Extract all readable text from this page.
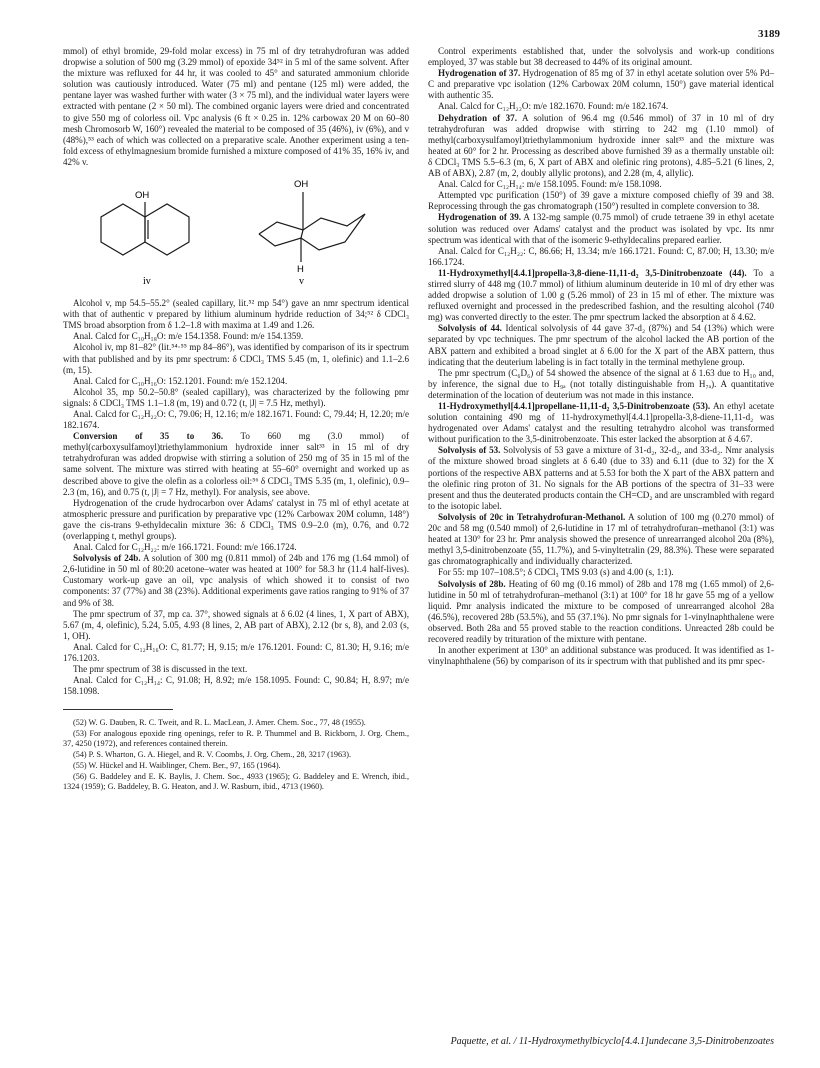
3189

mmol) of ethyl bromide, 29-fold molar excess) in 75 ml of dry tetrahydrofuran was added dropwise a solution of 500 mg (3.29 mmol) of epoxide 34⁵² in 5 ml of the same solvent. After the mixture was refluxed for 44 hr, it was cooled to 45° and saturated ammonium chloride solution was cautiously introduced. Water (75 ml) and pentane (125 ml) were added, the pentane layer was washed further with water (3 × 75 ml), and the individual water layers were extracted with pentane (2 × 50 ml). The combined organic layers were dried and concentrated to give 550 mg of colorless oil. Vpc analysis (6 ft × 0.25 in. 12% carbowax 20 M on 60–80 mesh Chromosorb W, 160°) revealed the material to be composed of 35 (46%), iv (6%), and v (48%),⁵³ each of which was collected on a preparative scale. Another experiment using a ten-fold excess of ethylmagnesium bromide furnished a mixture composed of 41% 35, 16% iv, and 42% v.

OH
iv
OH
H
v

Alcohol v, mp 54.5–55.2° (sealed capillary, lit.⁵² mp 54°) gave an nmr spectrum identical with that of authentic v prepared by lithium aluminum hydride reduction of 34;⁵² δ CDCl₃ TMS broad absorption from δ 1.2–1.8 with maxima at 1.49 and 1.26.

Anal. Calcd for C₁₀H₁₈O: m/e 154.1358. Found: m/e 154.1359.

Alcohol iv, mp 81–82° (lit.⁵⁴·⁵⁵ mp 84–86°), was identified by comparison of its ir spectrum with that published and by its pmr spectrum: δ CDCl₃ TMS 5.45 (m, 1, olefinic) and 1.1–2.6 (m, 15).

Anal. Calcd for C₁₀H₁₆O: 152.1201. Found: m/e 152.1204.

Alcohol 35, mp 50.2–50.8° (sealed capillary), was characterized by the following pmr signals: δ CDCl₃ TMS 1.1–1.8 (m, 19) and 0.72 (t, |J| = 7.5 Hz, methyl).

Anal. Calcd for C₁₂H₂₂O: C, 79.06; H, 12.16; m/e 182.1671. Found: C, 79.44; H, 12.20; m/e 182.1674.

Conversion of 35 to 36. To 660 mg (3.0 mmol) of methyl(carboxysulfamoyl)triethylammonium hydroxide inner salt³³ in 15 ml of dry tetrahydrofuran was added dropwise with stirring a solution of 250 mg of 35 in 15 ml of the same solvent. The mixture was stirred with heating at 55–60° overnight and worked up as described above to give the olefin as a colorless oil:⁵⁶ δ CDCl₃ TMS 5.35 (m, 1, olefinic), 0.9–2.3 (m, 16), and 0.75 (t, |J| = 7 Hz, methyl). For analysis, see above.

Hydrogenation of the crude hydrocarbon over Adams' catalyst in 75 ml of ethyl acetate at atmospheric pressure and purification by preparative vpc (12% Carbowax 20M column, 148°) gave the cis-trans 9-ethyldecalin mixture 36: δ CDCl₃ TMS 0.9–2.0 (m), 0.76, and 0.72 (overlapping t, methyl groups).

Anal. Calcd for C₁₂H₂₂: m/e 166.1721. Found: m/e 166.1724.

Solvolysis of 24b. A solution of 300 mg (0.811 mmol) of 24b and 176 mg (1.64 mmol) of 2,6-lutidine in 50 ml of 80:20 acetone–water was heated at 100° for 58.3 hr (11.4 half-lives). Customary work-up gave an oil, vpc analysis of which showed it to consist of two components: 37 (77%) and 38 (23%). Additional experiments gave ratios ranging to 91% of 37 and 9% of 38.

The pmr spectrum of 37, mp ca. 37°, showed signals at δ 6.02 (4 lines, 1, X part of ABX), 5.67 (m, 4, olefinic), 5.24, 5.05, 4.93 (8 lines, 2, AB part of ABX), 2.12 (br s, 8), and 2.03 (s, 1, OH).

Anal. Calcd for C₁₂H₁₆O: C, 81.77; H, 9.15; m/e 176.1201. Found: C, 81.30; H, 9.16; m/e 176.1203.

The pmr spectrum of 38 is discussed in the text.

Anal. Calcd for C₁₂H₁₄: C, 91.08; H, 8.92; m/e 158.1095. Found: C, 90.84; H, 8.97; m/e 158.1098.

(52) W. G. Dauben, R. C. Tweit, and R. L. MacLean, J. Amer. Chem. Soc., 77, 48 (1955).

(53) For analogous epoxide ring openings, refer to R. P. Thummel and B. Rickborn, J. Org. Chem., 37, 4250 (1972), and references contained therein.

(54) P. S. Wharton, G. A. Hiegel, and R. V. Coombs, J. Org. Chem., 28, 3217 (1963).

(55) W. Hückel and H. Waiblinger, Chem. Ber., 97, 165 (1964).

(56) G. Baddeley and E. K. Baylis, J. Chem. Soc., 4933 (1965); G. Baddeley and E. Wrench, ibid., 1324 (1959); G. Baddeley, B. G. Heaton, and J. W. Rasburn, ibid., 4713 (1960).

Control experiments established that, under the solvolysis and work-up conditions employed, 37 was stable but 38 decreased to 44% of its original amount.

Hydrogenation of 37. Hydrogenation of 85 mg of 37 in ethyl acetate solution over 5% Pd–C and preparative vpc isolation (12% Carbowax 20M column, 150°) gave material identical with authentic 35.

Anal. Calcd for C₁₂H₂₂O: m/e 182.1670. Found: m/e 182.1674.

Dehydration of 37. A solution of 96.4 mg (0.546 mmol) of 37 in 10 ml of dry tetrahydrofuran was added dropwise with stirring to 242 mg (1.10 mmol) of methyl(carboxysulfamoyl)triethylammonium hydroxide inner salt³³ and the mixture was heated at 60° for 2 hr. Processing as described above furnished 39 as a thermally unstable oil: δ CDCl₃ TMS 5.5–6.3 (m, 6, X part of ABX and olefinic ring protons), 4.85–5.21 (6 lines, 2, AB of ABX), 2.87 (m, 2, doubly allylic protons), and 2.28 (m, 4, allylic).

Anal. Calcd for C₁₂H₁₄: m/e 158.1095. Found: m/e 158.1098.

Attempted vpc purification (150°) of 39 gave a mixture composed chiefly of 39 and 38. Reprocessing through the gas chromatograph (150°) resulted in complete conversion to 38.

Hydrogenation of 39. A 132-mg sample (0.75 mmol) of crude tetraene 39 in ethyl acetate solution was reduced over Adams' catalyst and the product was isolated by vpc. Its nmr spectrum was identical with that of the isomeric 9-ethyldecalins prepared earlier.

Anal. Calcd for C₁₂H₂₂: C, 86.66; H, 13.34; m/e 166.1721. Found: C, 87.00; H, 13.30; m/e 166.1724.

11-Hydroxymethyl[4.4.1]propella-3,8-diene-11,11-d₂ 3,5-Dinitrobenzoate (44). To a stirred slurry of 448 mg (10.7 mmol) of lithium aluminum deuteride in 10 ml of dry ether was added dropwise a solution of 1.00 g (5.26 mmol) of 23 in 15 ml of ether. The mixture was refluxed overnight and processed in the predescribed fashion, and the resulting alcohol (740 mg) was converted directly to the ester. The pmr spectrum lacked the absorption at δ 4.62.

Solvolysis of 44. Identical solvolysis of 44 gave 37-d₂ (87%) and 54 (13%) which were separated by vpc techniques. The pmr spectrum of the alcohol lacked the AB portion of the ABX pattern and exhibited a broad singlet at δ 6.00 for the X part of the ABX pattern, thus indicating that the deuterium labeling is in fact totally in the terminal methylene group.

The pmr spectrum (C₆D₆) of 54 showed the absence of the signal at δ 1.63 due to H₁₀ and, by inference, the signal due to H₉ₐ (not totally distinguishable from H₇ₐ). A quantitative determination of the location of deuterium was not made in this instance.

11-Hydroxymethyl[4.4.1]propellane-11,11-d₂ 3,5-Dinitrobenzoate (53). An ethyl acetate solution containing 490 mg of 11-hydroxymethyl[4.4.1]propella-3,8-diene-11,11-d₂ was hydrogenated over Adams' catalyst and the resulting tetrahydro alcohol was transformed without purification to the 3,5-dinitrobenzoate. This ester lacked the absorption at δ 4.67.

Solvolysis of 53. Solvolysis of 53 gave a mixture of 31-d₂, 32-d₂, and 33-d₂. Nmr analysis of the mixture showed broad singlets at δ 6.40 (due to 33) and 6.11 (due to 32) for the X portions of the respective ABX patterns and at 5.53 for both the X part of the ABX pattern and the olefinic ring proton of 31. No signals for the AB portions of the spectra of 31–33 were present and thus the deuterated products contain the CH=CD₂ and are unscrambled with regard to the isotopic label.

Solvolysis of 20c in Tetrahydrofuran-Methanol. A solution of 100 mg (0.270 mmol) of 20c and 58 mg (0.540 mmol) of 2,6-lutidine in 17 ml of tetrahydrofuran–methanol (3:1) was heated at 130° for 23 hr. Pmr analysis showed the presence of unrearranged alcohol 20a (8%), methyl 3,5-dinitrobenzoate (55, 11.7%), and 5-vinyltetralin (29, 88.3%). These were separated gas chromatographically and individually characterized.

For 55: mp 107–108.5°; δ CDCl₃ TMS 9.03 (s) and 4.00 (s, 1:1).

Solvolysis of 28b. Heating of 60 mg (0.16 mmol) of 28b and 178 mg (1.65 mmol) of 2,6-lutidine in 50 ml of tetrahydrofuran–methanol (3:1) at 100° for 18 hr gave 55 mg of a yellow liquid. Pmr analysis indicated the mixture to be composed of unrearranged alcohol 28a (46.5%), recovered 28b (53.5%), and 55 (37.1%). No pmr signals for 1-vinylnaphthalene were observed. Both 28a and 55 proved stable to the reaction conditions. Unreacted 28b could be recovered readily by trituration of the mixture with pentane.

In another experiment at 130° an additional substance was produced. It was identified as 1-vinylnaphthalene (56) by comparison of its ir spectrum with that published and its pmr spec-

Paquette, et al. / 11-Hydroxymethylbicyclo[4.4.1]undecane 3,5-Dinitrobenzoates
